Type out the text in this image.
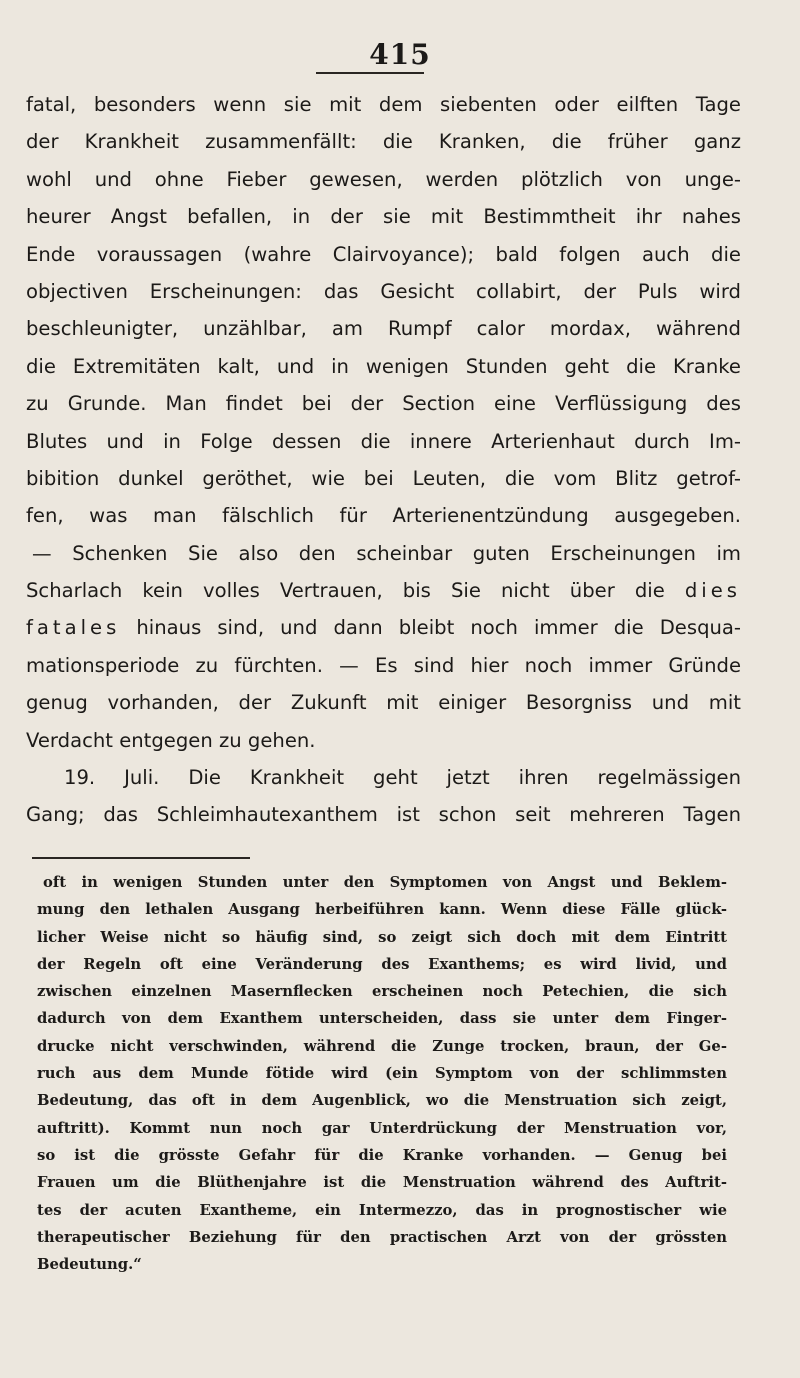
415
fatal, besonders wenn sie mit dem siebenten oder eilften Tage
der Krankheit zusammenfällt: die Kranken, die früher ganz
wohl und ohne Fieber gewesen, werden plötzlich von unge-
heurer Angst befallen, in der sie mit Bestimmtheit ihr nahes
Ende voraussagen (wahre Clairvoyance); bald folgen auch die
objectiven Erscheinungen: das Gesicht collabirt, der Puls wird
beschleunigter, unzählbar, am Rumpf calor mordax, während
die Extremitäten kalt, und in wenigen Stunden geht die Kranke
zu Grunde. Man findet bei der Section eine Verflüssigung des
Blutes und in Folge dessen die innere Arterienhaut durch Im-
bibition dunkel geröthet, wie bei Leuten, die vom Blitz getrof-
fen, was man fälschlich für Arterienentzündung ausgegeben.
— Schenken Sie also den scheinbar guten Erscheinungen im
Scharlach kein volles Vertrauen, bis Sie nicht über die dies
fatales hinaus sind, und dann bleibt noch immer die Desqua-
mationsperiode zu fürchten. — Es sind hier noch immer Gründe
genug vorhanden, der Zukunft mit einiger Besorgniss und mit
Verdacht entgegen zu gehen.
19. Juli. Die Krankheit geht jetzt ihren regelmässigen
Gang; das Schleimhautexanthem ist schon seit mehreren Tagen
oft in wenigen Stunden unter den Symptomen von Angst und Beklem-
mung den lethalen Ausgang herbeiführen kann. Wenn diese Fälle glück-
licher Weise nicht so häufig sind, so zeigt sich doch mit dem Eintritt
der Regeln oft eine Veränderung des Exanthems; es wird livid, und
zwischen einzelnen Masernflecken erscheinen noch Petechien, die sich
dadurch von dem Exanthem unterscheiden, dass sie unter dem Finger-
drucke nicht verschwinden, während die Zunge trocken, braun, der Ge-
ruch aus dem Munde fötide wird (ein Symptom von der schlimmsten
Bedeutung, das oft in dem Augenblick, wo die Menstruation sich zeigt,
auftritt). Kommt nun noch gar Unterdrückung der Menstruation vor,
so ist die grösste Gefahr für die Kranke vorhanden. — Genug bei
Frauen um die Blüthenjahre ist die Menstruation während des Auftrit-
tes der acuten Exantheme, ein Intermezzo, das in prognostischer wie
therapeutischer Beziehung für den practischen Arzt von der grössten
Bedeutung.“
